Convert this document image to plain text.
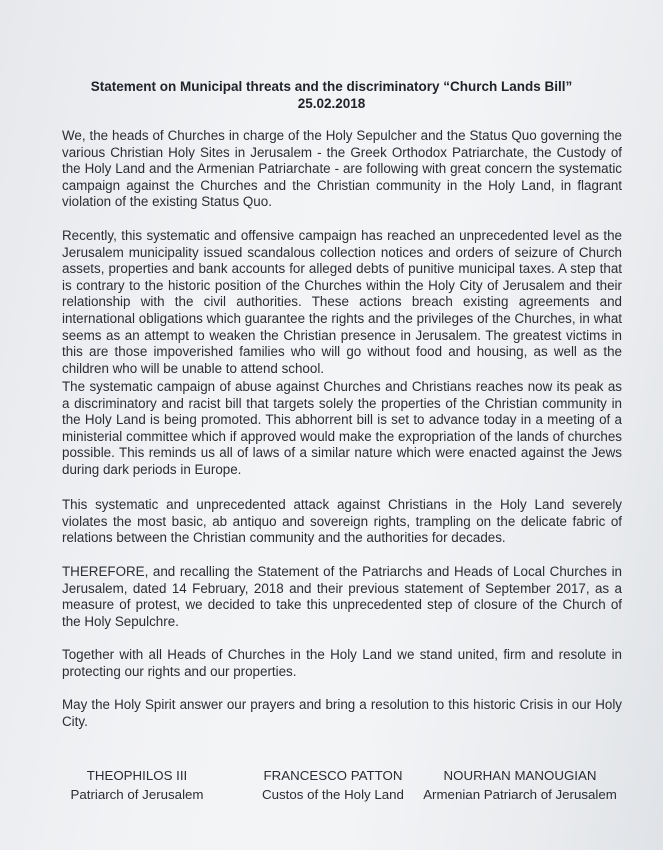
Statement on Municipal threats and the discriminatory “Church Lands Bill”
25.02.2018

We, the heads of Churches in charge of the Holy Sepulcher and the Status Quo governing the various Christian Holy Sites in Jerusalem - the Greek Orthodox Patriarchate, the Custody of the Holy Land and the Armenian Patriarchate - are following with great concern the systematic campaign against the Churches and the Christian community in the Holy Land, in flagrant violation of the existing Status Quo.

Recently, this systematic and offensive campaign has reached an unprecedented level as the Jerusalem municipality issued scandalous collection notices and orders of seizure of Church assets, properties and bank accounts for alleged debts of punitive municipal taxes. A step that is contrary to the historic position of the Churches within the Holy City of Jerusalem and their relationship with the civil authorities. These actions breach existing agreements and international obligations which guarantee the rights and the privileges of the Churches, in what seems as an attempt to weaken the Christian presence in Jerusalem. The greatest victims in this are those impoverished families who will go without food and housing, as well as the children who will be unable to attend school.

The systematic campaign of abuse against Churches and Christians reaches now its peak as a discriminatory and racist bill that targets solely the properties of the Christian community in the Holy Land is being promoted. This abhorrent bill is set to advance today in a meeting of a ministerial committee which if approved would make the expropriation of the lands of churches possible. This reminds us all of laws of a similar nature which were enacted against the Jews during dark periods in Europe.

This systematic and unprecedented attack against Christians in the Holy Land severely violates the most basic, ab antiquo and sovereign rights, trampling on the delicate fabric of relations between the Christian community and the authorities for decades.

THEREFORE, and recalling the Statement of the Patriarchs and Heads of Local Churches in Jerusalem, dated 14 February, 2018 and their previous statement of September 2017, as a measure of protest, we decided to take this unprecedented step of closure of the Church of the Holy Sepulchre.

Together with all Heads of Churches in the Holy Land we stand united, firm and resolute in protecting our rights and our properties.

May the Holy Spirit answer our prayers and bring a resolution to this historic Crisis in our Holy City.

THEOPHILOS III
Patriarch of Jerusalem
FRANCESCO PATTON
Custos of the Holy Land
NOURHAN MANOUGIAN
Armenian Patriarch of Jerusalem
